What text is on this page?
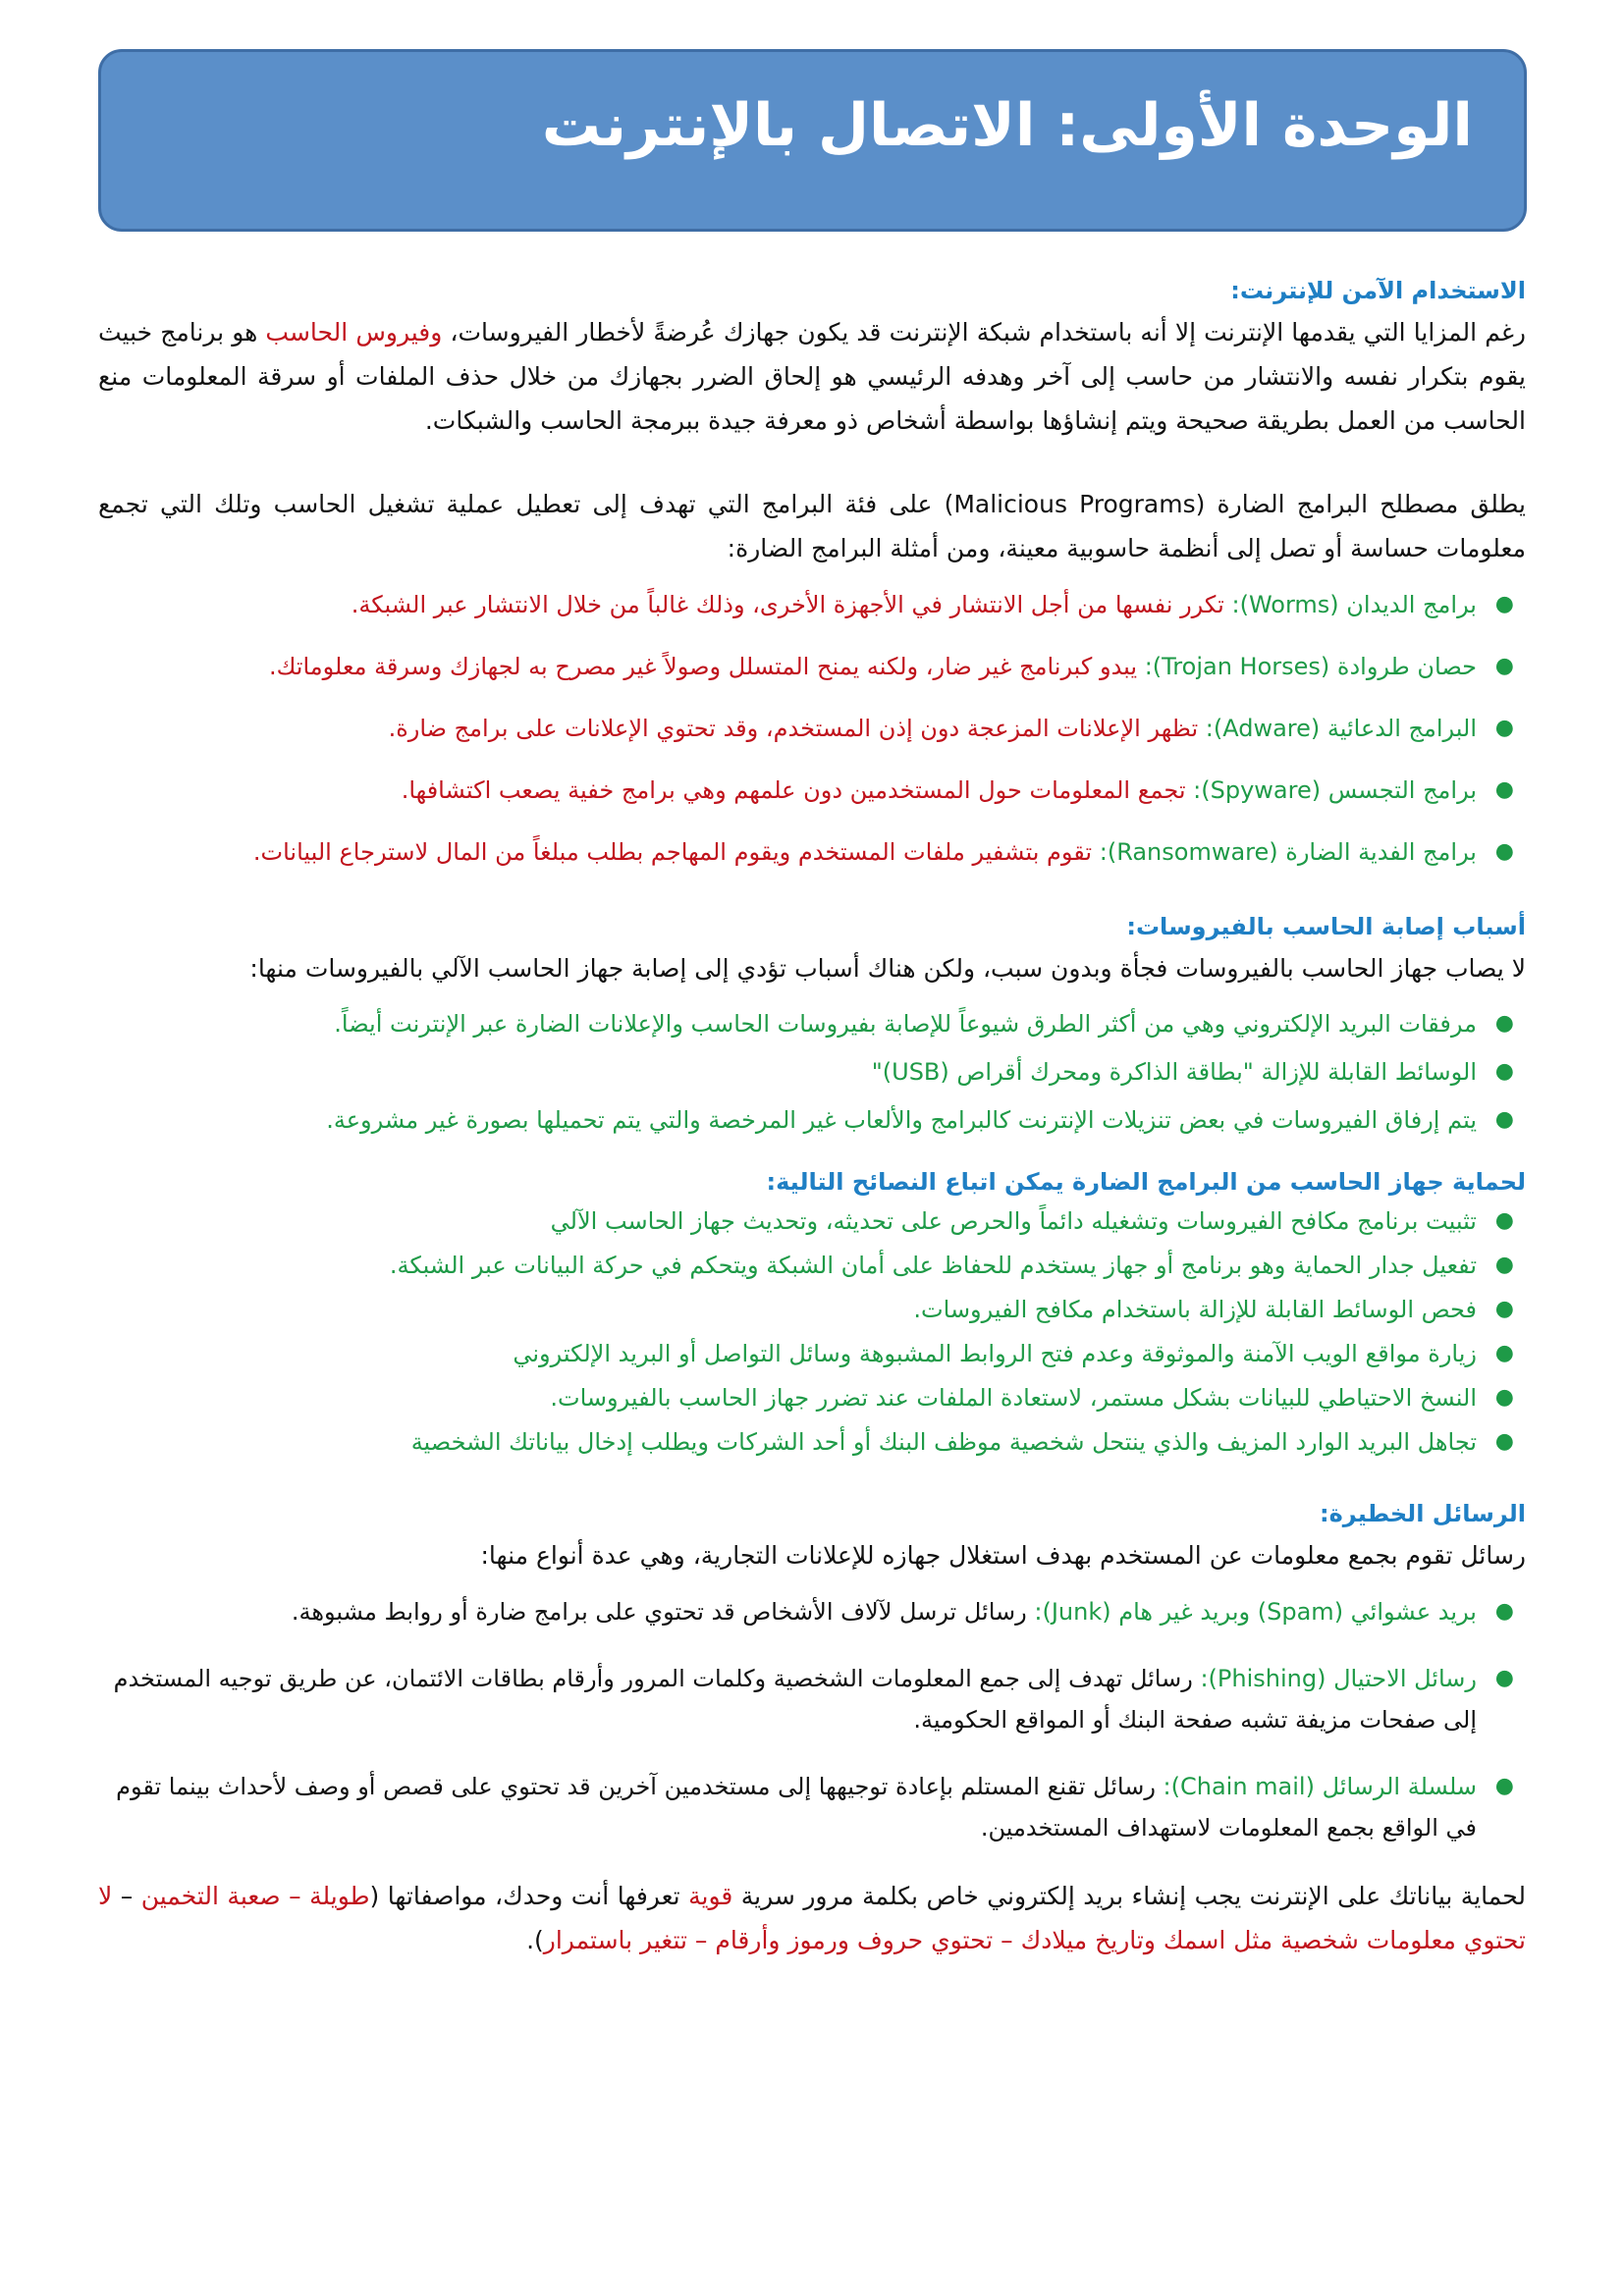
الوحدة الأولى: الاتصال بالإنترنت
الاستخدام الآمن للإنترنت:

رغم المزايا التي يقدمها الإنترنت إلا أنه باستخدام شبكة الإنترنت قد يكون جهازك عُرضةً لأخطار الفيروسات، وفيروس الحاسب هو برنامج خبيث يقوم بتكرار نفسه والانتشار من حاسب إلى آخر وهدفه الرئيسي هو إلحاق الضرر بجهازك من خلال حذف الملفات أو سرقة المعلومات منع الحاسب من العمل بطريقة صحيحة ويتم إنشاؤها بواسطة أشخاص ذو معرفة جيدة ببرمجة الحاسب والشبكات.

يطلق مصطلح البرامج الضارة (Malicious Programs) على فئة البرامج التي تهدف إلى تعطيل عملية تشغيل الحاسب وتلك التي تجمع معلومات حساسة أو تصل إلى أنظمة حاسوبية معينة، ومن أمثلة البرامج الضارة:

●
برامج الديدان (Worms): تكرر نفسها من أجل الانتشار في الأجهزة الأخرى، وذلك غالباً من خلال الانتشار عبر الشبكة.
●
حصان طروادة (Trojan Horses): يبدو كبرنامج غير ضار، ولكنه يمنح المتسلل وصولاً غير مصرح به لجهازك وسرقة معلوماتك.
●
البرامج الدعائية (Adware): تظهر الإعلانات المزعجة دون إذن المستخدم، وقد تحتوي الإعلانات على برامج ضارة.
●
برامج التجسس (Spyware): تجمع المعلومات حول المستخدمين دون علمهم وهي برامج خفية يصعب اكتشافها.
●
برامج الفدية الضارة (Ransomware): تقوم بتشفير ملفات المستخدم ويقوم المهاجم بطلب مبلغاً من المال لاسترجاع البيانات.
أسباب إصابة الحاسب بالفيروسات:

لا يصاب جهاز الحاسب بالفيروسات فجأة وبدون سبب، ولكن هناك أسباب تؤدي إلى إصابة جهاز الحاسب الآلي بالفيروسات منها:

●
مرفقات البريد الإلكتروني وهي من أكثر الطرق شيوعاً للإصابة بفيروسات الحاسب والإعلانات الضارة عبر الإنترنت أيضاً.
●
الوسائط القابلة للإزالة "بطاقة الذاكرة ومحرك أقراص (USB)"
●
يتم إرفاق الفيروسات في بعض تنزيلات الإنترنت كالبرامج والألعاب غير المرخصة والتي يتم تحميلها بصورة غير مشروعة.
لحماية جهاز الحاسب من البرامج الضارة يمكن اتباع النصائح التالية:
●
تثبيت برنامج مكافح الفيروسات وتشغيله دائماً والحرص على تحديثه، وتحديث جهاز الحاسب الآلي
●
تفعيل جدار الحماية وهو برنامج أو جهاز يستخدم للحفاظ على أمان الشبكة ويتحكم في حركة البيانات عبر الشبكة.
●
فحص الوسائط القابلة للإزالة باستخدام مكافح الفيروسات.
●
زيارة مواقع الويب الآمنة والموثوقة وعدم فتح الروابط المشبوهة وسائل التواصل أو البريد الإلكتروني
●
النسخ الاحتياطي للبيانات بشكل مستمر، لاستعادة الملفات عند تضرر جهاز الحاسب بالفيروسات.
●
تجاهل البريد الوارد المزيف والذي ينتحل شخصية موظف البنك أو أحد الشركات ويطلب إدخال بياناتك الشخصية
الرسائل الخطيرة:

رسائل تقوم بجمع معلومات عن المستخدم بهدف استغلال جهازه للإعلانات التجارية، وهي عدة أنواع منها:

●
بريد عشوائي (Spam) وبريد غير هام (Junk): رسائل ترسل لآلاف الأشخاص قد تحتوي على برامج ضارة أو روابط مشبوهة.
●
رسائل الاحتيال (Phishing): رسائل تهدف إلى جمع المعلومات الشخصية وكلمات المرور وأرقام بطاقات الائتمان، عن طريق توجيه المستخدم إلى صفحات مزيفة تشبه صفحة البنك أو المواقع الحكومية.
●
سلسلة الرسائل (Chain mail): رسائل تقنع المستلم بإعادة توجيهها إلى مستخدمين آخرين قد تحتوي على قصص أو وصف لأحداث بينما تقوم في الواقع بجمع المعلومات لاستهداف المستخدمين.

لحماية بياناتك على الإنترنت يجب إنشاء بريد إلكتروني خاص بكلمة مرور سرية قوية تعرفها أنت وحدك، مواصفاتها (طويلة – صعبة التخمين – لا تحتوي معلومات شخصية مثل اسمك وتاريخ ميلادك – تحتوي حروف ورموز وأرقام – تتغير باستمرار).
